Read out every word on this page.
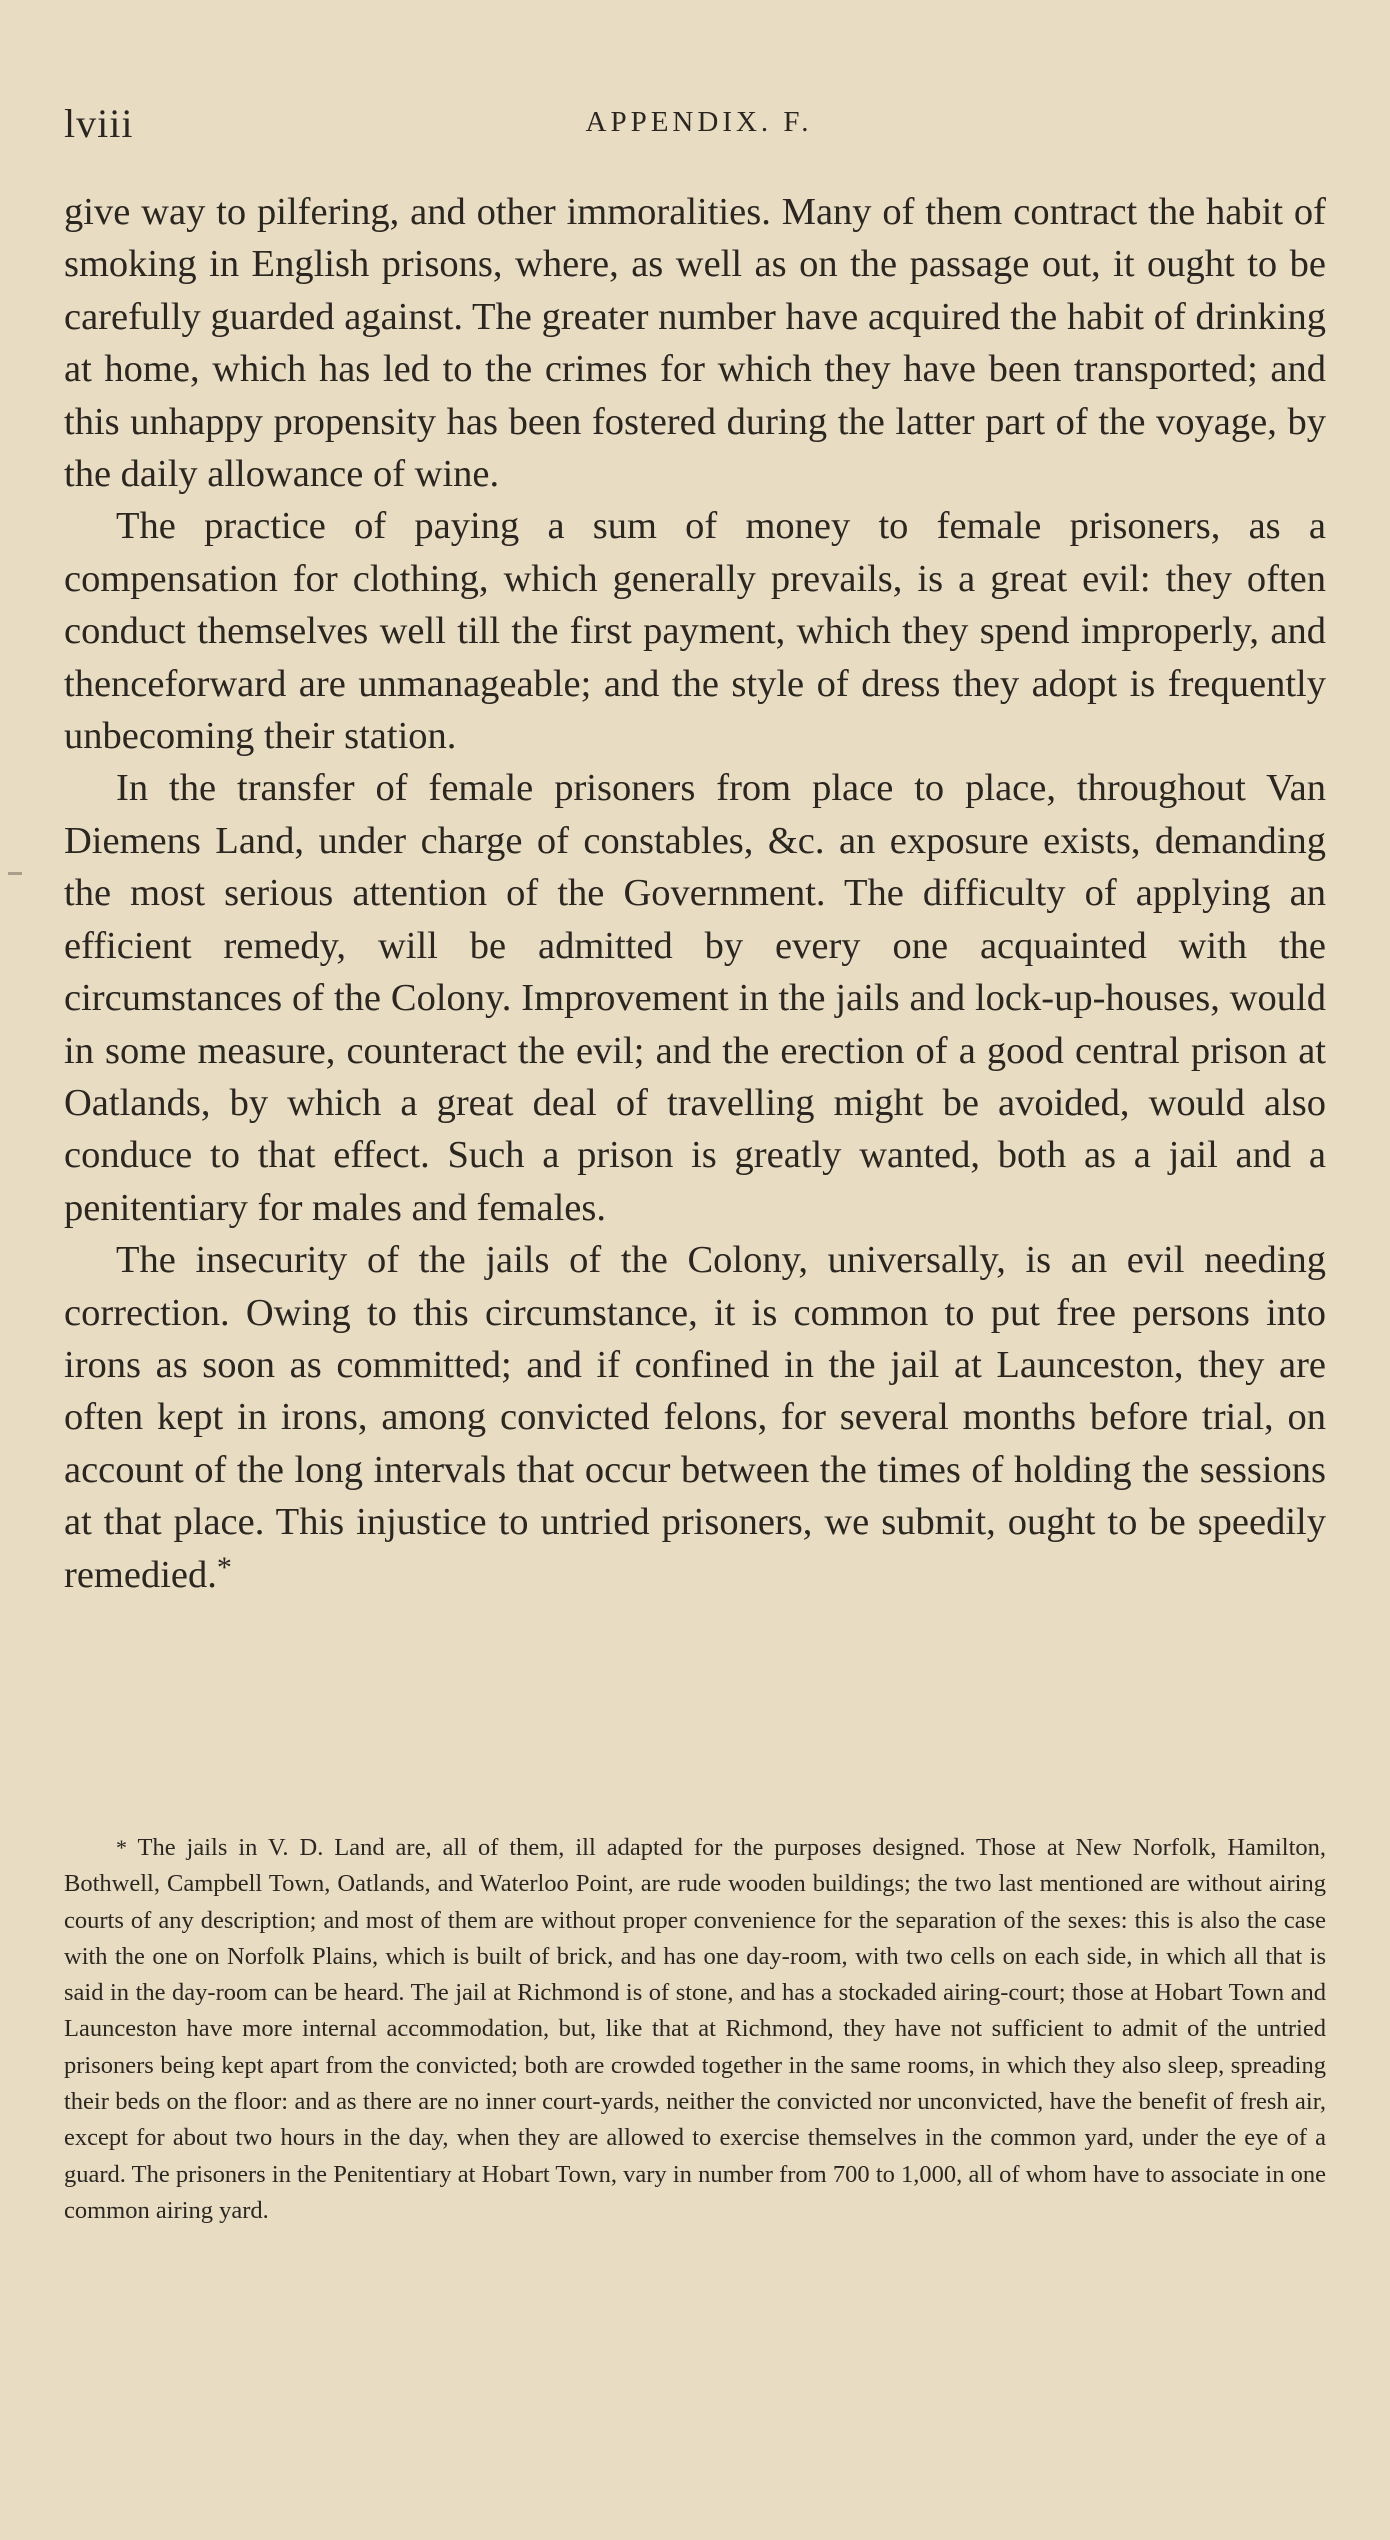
lviii	APPENDIX. F.

give way to pilfering, and other immoralities. Many of them contract the habit of smoking in English prisons, where, as well as on the passage out, it ought to be carefully guarded against. The greater number have acquired the habit of drinking at home, which has led to the crimes for which they have been transported; and this unhappy propensity has been fostered during the latter part of the voyage, by the daily allowance of wine.

The practice of paying a sum of money to female prisoners, as a compensation for clothing, which generally prevails, is a great evil: they often conduct themselves well till the first payment, which they spend improperly, and thenceforward are unmanageable; and the style of dress they adopt is frequently unbecoming their station.

In the transfer of female prisoners from place to place, throughout Van Diemens Land, under charge of constables, &c. an exposure exists, demanding the most serious attention of the Government. The difficulty of applying an efficient remedy, will be admitted by every one acquainted with the circumstances of the Colony. Improvement in the jails and lock-up-houses, would in some measure, counteract the evil; and the erection of a good central prison at Oatlands, by which a great deal of travelling might be avoided, would also conduce to that effect. Such a prison is greatly wanted, both as a jail and a penitentiary for males and females.

The insecurity of the jails of the Colony, universally, is an evil needing correction. Owing to this circumstance, it is common to put free persons into irons as soon as committed; and if confined in the jail at Launceston, they are often kept in irons, among convicted felons, for several months before trial, on account of the long intervals that occur between the times of holding the sessions at that place. This injustice to untried prisoners, we submit, ought to be speedily remedied.*

* The jails in V. D. Land are, all of them, ill adapted for the purposes designed. Those at New Norfolk, Hamilton, Bothwell, Campbell Town, Oatlands, and Waterloo Point, are rude wooden buildings; the two last mentioned are without airing courts of any description; and most of them are without proper convenience for the separation of the sexes: this is also the case with the one on Norfolk Plains, which is built of brick, and has one day-room, with two cells on each side, in which all that is said in the day-room can be heard. The jail at Richmond is of stone, and has a stockaded airing-court; those at Hobart Town and Launceston have more internal accommodation, but, like that at Richmond, they have not sufficient to admit of the untried prisoners being kept apart from the convicted; both are crowded together in the same rooms, in which they also sleep, spreading their beds on the floor: and as there are no inner court-yards, neither the convicted nor unconvicted, have the benefit of fresh air, except for about two hours in the day, when they are allowed to exercise themselves in the common yard, under the eye of a guard. The prisoners in the Penitentiary at Hobart Town, vary in number from 700 to 1,000, all of whom have to associate in one common airing yard.
